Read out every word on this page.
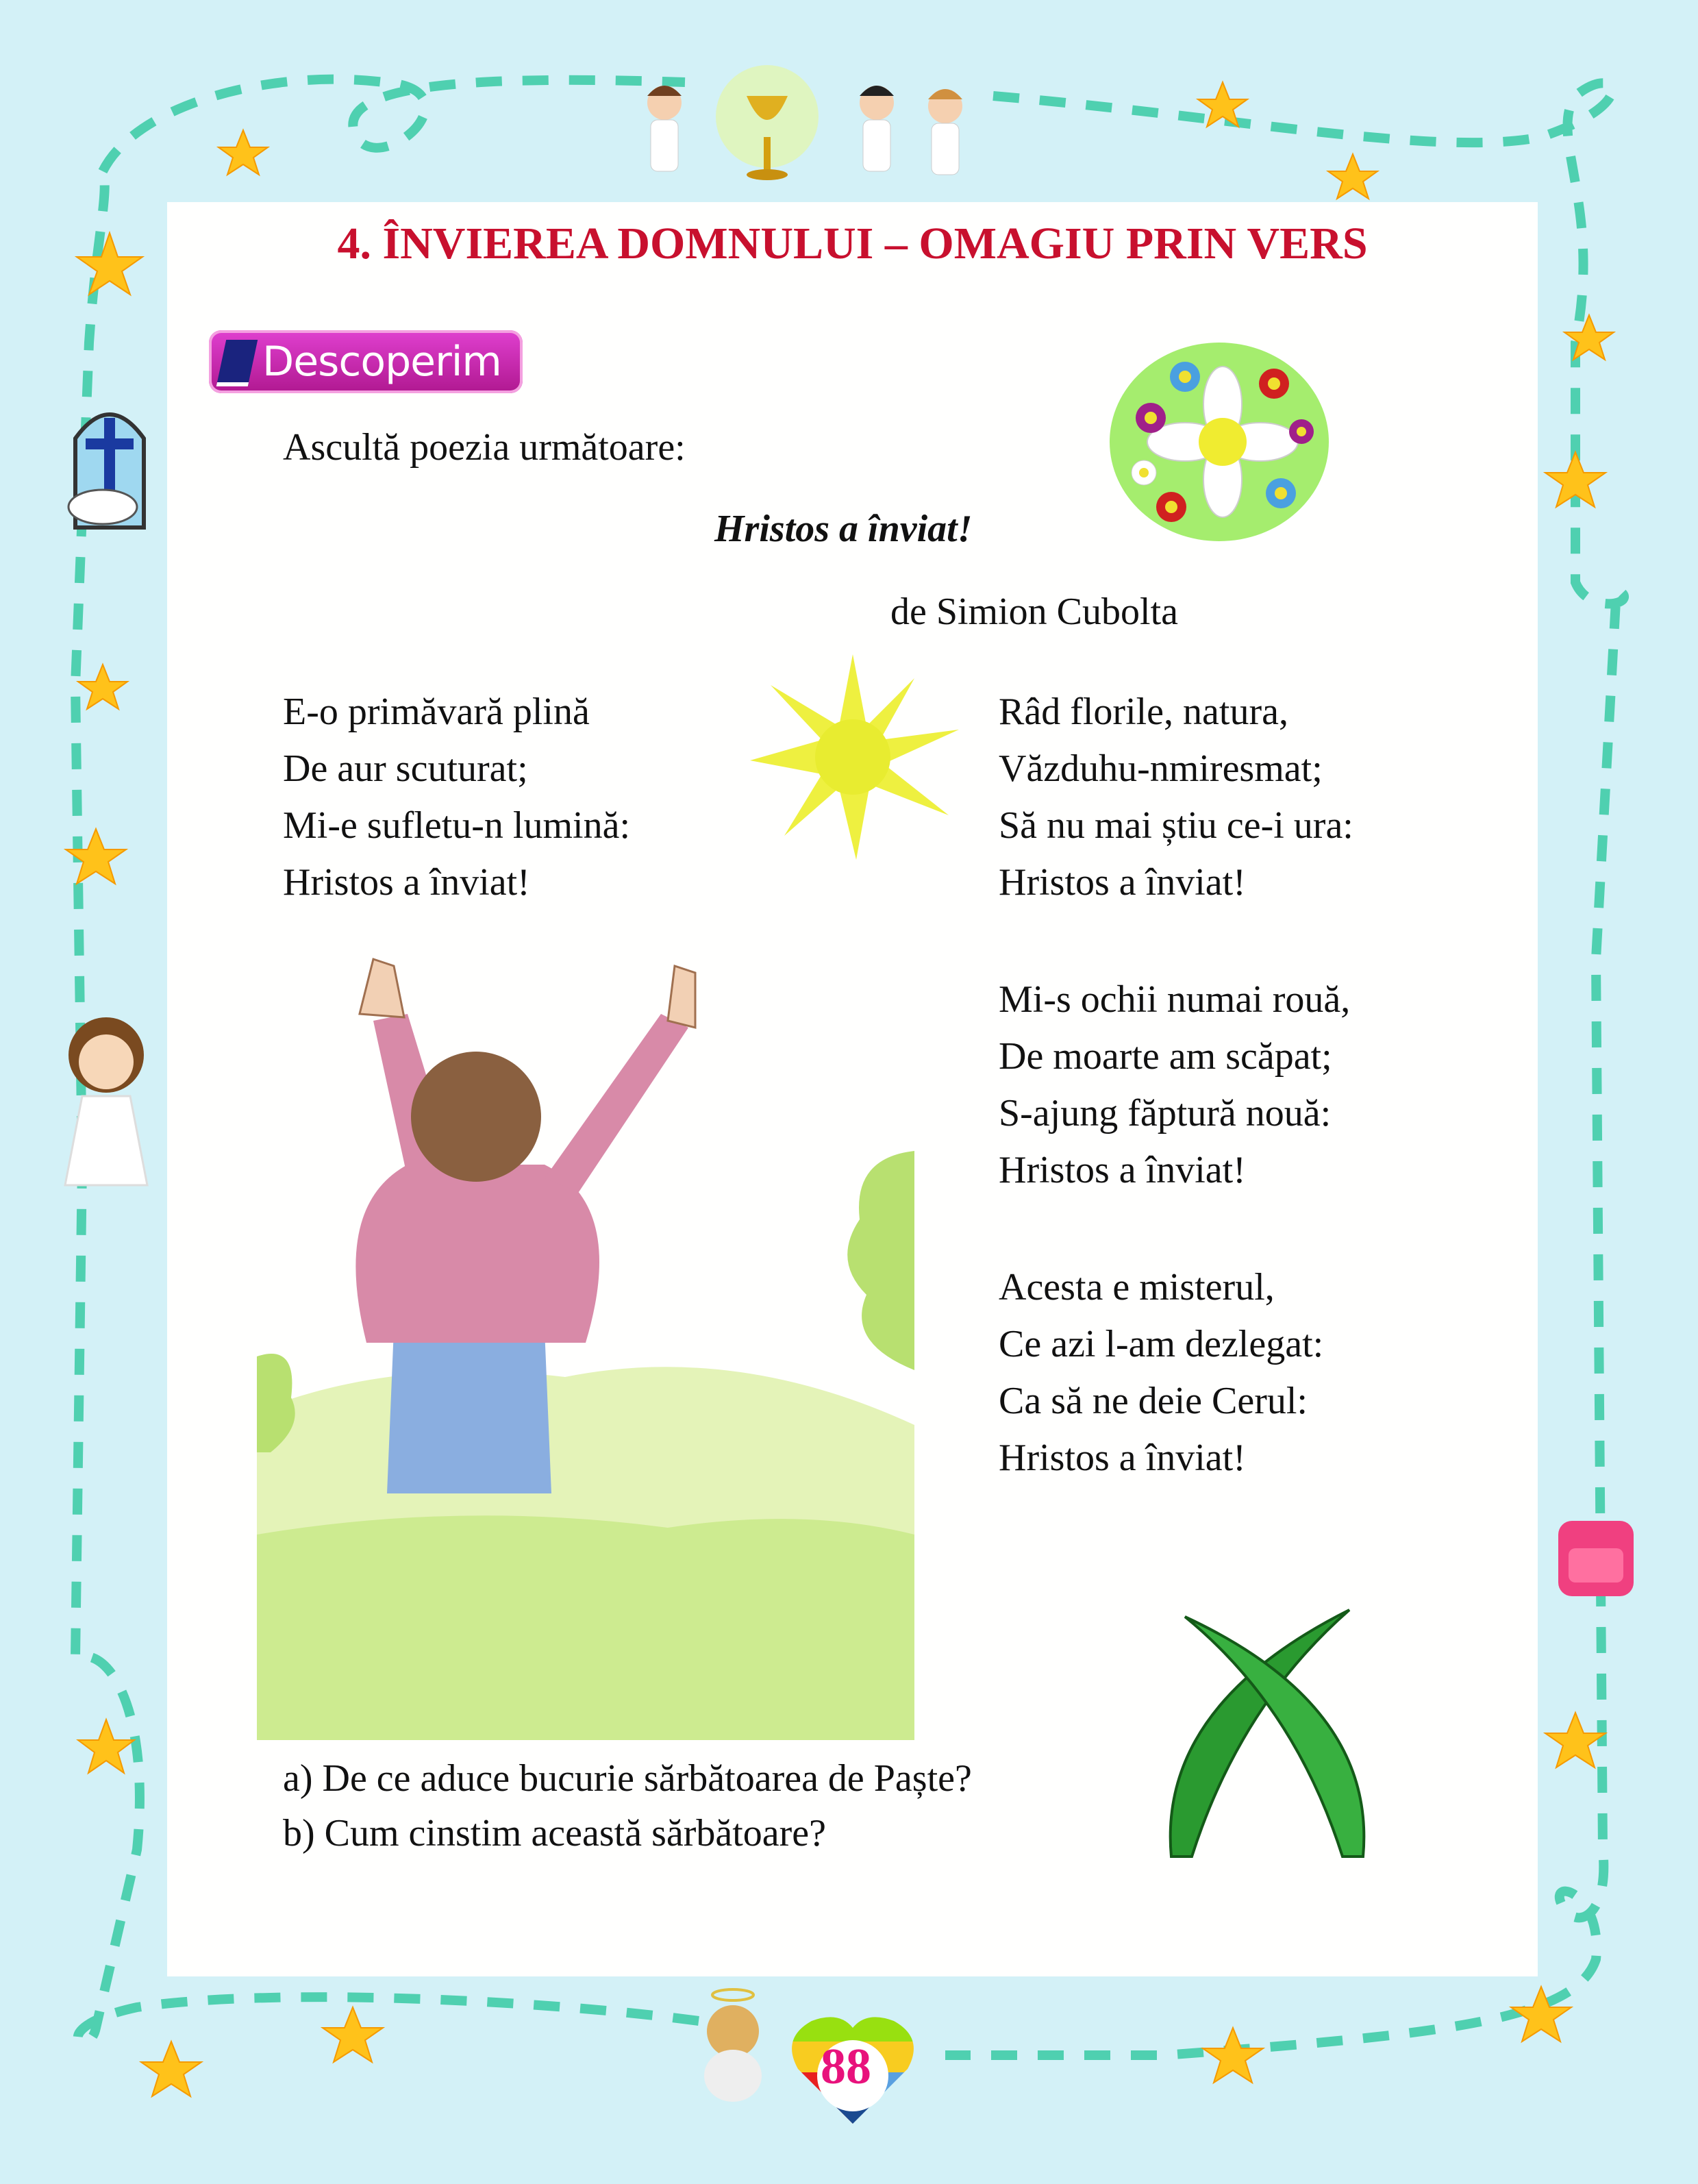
4. ÎNVIEREA DOMNULUI – OMAGIU PRIN VERS
Descoperim
Ascultă poezia următoare:
Hristos a înviat!
de Simion Cubolta
E-o primăvară plină
De aur scuturat;
Mi-e sufletu-n lumină:
Hristos a înviat!
Râd florile, natura,
Văzduhu-nmiresmat;
Să nu mai știu ce-i ura:
Hristos a înviat!
Mi-s ochii numai rouă,
De moarte am scăpat;
S-ajung făptură nouă:
Hristos a înviat!
Acesta e misterul,
Ce azi l-am dezlegat:
Ca să ne deie Cerul:
Hristos a înviat!
a) De ce aduce bucurie sărbătoarea de Paște?
b) Cum cinstim această sărbătoare?
88
